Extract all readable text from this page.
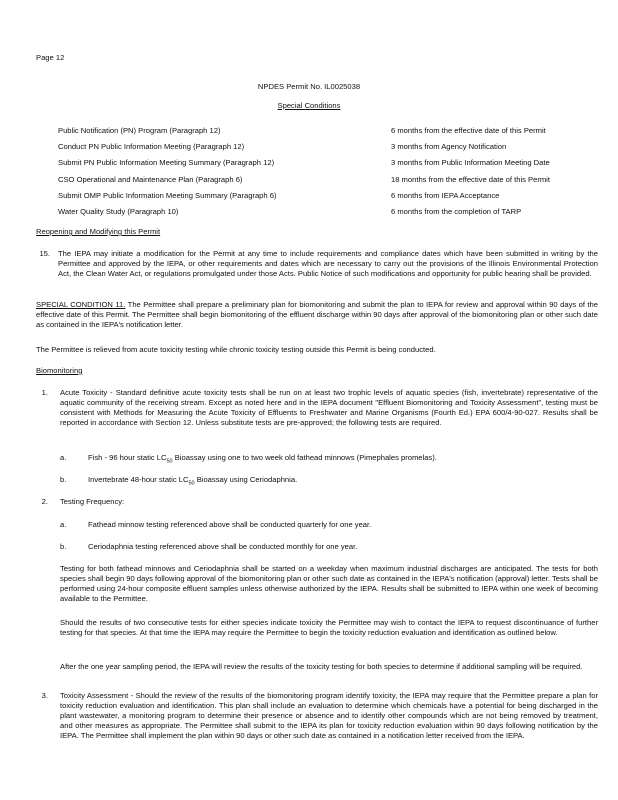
Page 12
NPDES Permit No. IL0025038
Special Conditions
Public Notification (PN) Program (Paragraph 12)	6 months from the effective date of this Permit
Conduct PN Public Information Meeting (Paragraph 12)	3 months from Agency Notification
Submit PN Public Information Meeting Summary (Paragraph 12)	3 months from Public Information Meeting Date
CSO Operational and Maintenance Plan (Paragraph 6)	18 months from the effective date of this Permit
Submit OMP Public Information Meeting Summary (Paragraph 6)	6 months from IEPA Acceptance
Water Quality Study (Paragraph 10)	6 months from the completion of TARP
Reopening and Modifying this Permit
15. The IEPA may initiate a modification for the Permit at any time to include requirements and compliance dates which have been submitted in writing by the Permittee and approved by the IEPA, or other requirements and dates which are necessary to carry out the provisions of the Illinois Environmental Protection Act, the Clean Water Act, or regulations promulgated under those Acts. Public Notice of such modifications and opportunity for public hearing shall be provided.

SPECIAL CONDITION 11. The Permittee shall prepare a preliminary plan for biomonitoring and submit the plan to IEPA for review and approval within 90 days of the effective date of this Permit. The Permittee shall begin biomonitoring of the effluent discharge within 90 days after approval of the biomonitoring plan or other such date as contained in the IEPA's notification letter.

The Permittee is relieved from acute toxicity testing while chronic toxicity testing outside this Permit is being conducted.

Biomonitoring
1. Acute Toxicity - Standard definitive acute toxicity tests shall be run on at least two trophic levels of aquatic species (fish, invertebrate) representative of the aquatic community of the receiving stream. Except as noted here and in the IEPA document "Effluent Biomonitoring and Toxicity Assessment", testing must be consistent with Methods for Measuring the Acute Toxicity of Effluents to Freshwater and Marine Organisms (Fourth Ed.) EPA 600/4-90-027. Results shall be reported in accordance with Section 12. Unless substitute tests are pre-approved; the following tests are required.

a.	Fish - 96 hour static $LC_{50}$ Bioassay using one to two week old fathead minnows (Pimephales promelas).

b.	Invertebrate 48-hour static $LC_{50}$ Bioassay using Ceriodaphnia.

2. Testing Frequency:
a.	Fathead minnow testing referenced above shall be conducted quarterly for one year.

b.	Ceriodaphnia testing referenced above shall be conducted monthly for one year.

Testing for both fathead minnows and Ceriodaphnia shall be started on a weekday when maximum industrial discharges are anticipated. The tests for both species shall begin 90 days following approval of the biomonitoring plan or other such date as contained in the IEPA's notification (approval) letter. Tests shall be performed using 24-hour composite effluent samples unless otherwise authorized by the IEPA. Results shall be submitted to IEPA within one week of becoming available to the Permittee.

Should the results of two consecutive tests for either species indicate toxicity the Permittee may wish to contact the IEPA to request discontinuance of further testing for that species. At that time the IEPA may require the Permittee to begin the toxicity reduction evaluation and identification as outlined below.

After the one year sampling period, the IEPA will review the results of the toxicity testing for both species to determine if additional sampling will be required.

3. Toxicity Assessment - Should the review of the results of the biomonitoring program identify toxicity, the IEPA may require that the Permittee prepare a plan for toxicity reduction evaluation and identification. This plan shall include an evaluation to determine which chemicals have a potential for being discharged in the plant wastewater, a monitoring program to determine their presence or absence and to identify other compounds which are not being removed by treatment, and other measures as appropriate. The Permittee shall submit to the IEPA its plan for toxicity reduction evaluation within 90 days following notification by the IEPA. The Permittee shall implement the plan within 90 days or other such date as contained in a notification letter received from the IEPA.
